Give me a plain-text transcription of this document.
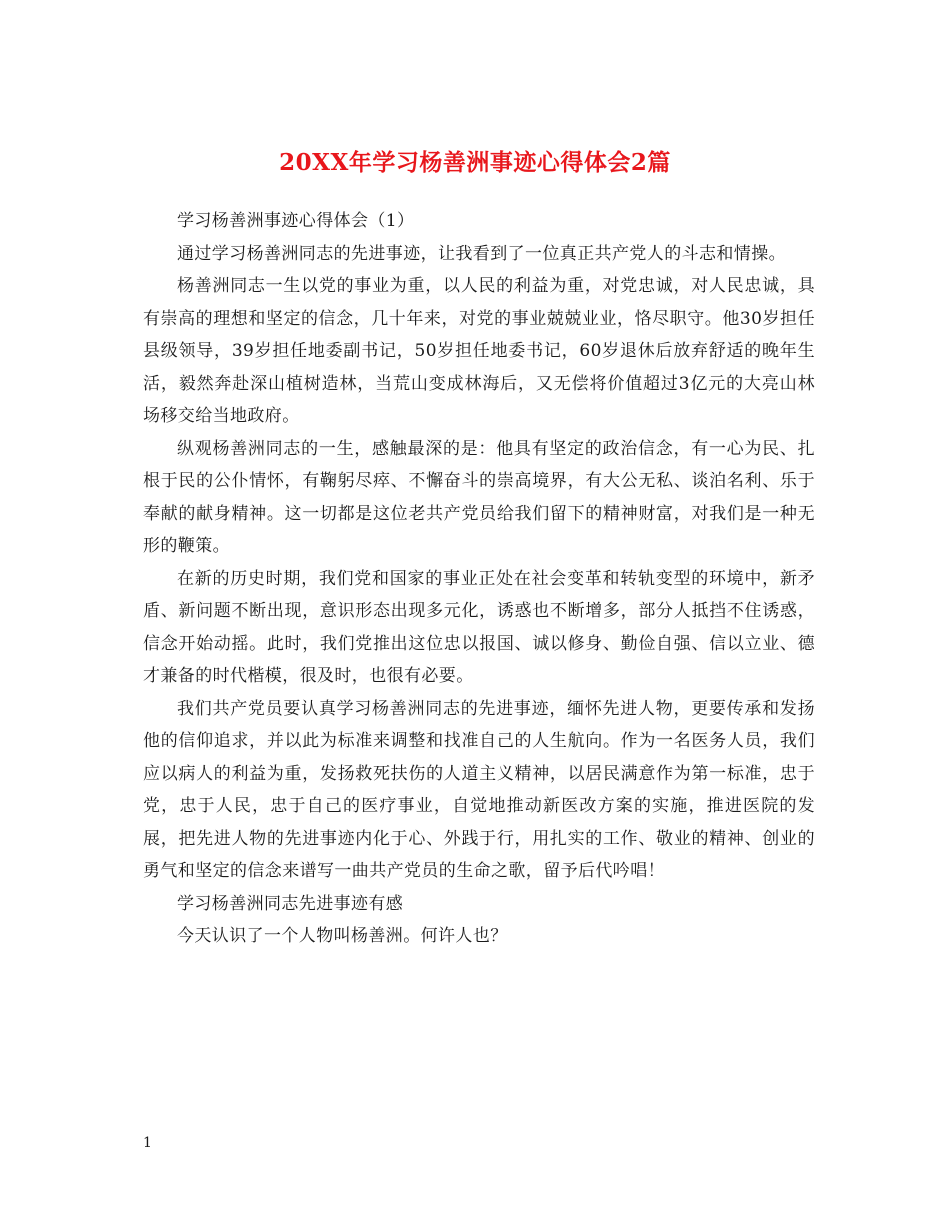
20XX年学习杨善洲事迹心得体会2篇

学习杨善洲事迹心得体会（1）

通过学习杨善洲同志的先进事迹，让我看到了一位真正共产党人的斗志和情操。

杨善洲同志一生以党的事业为重，以人民的利益为重，对党忠诚，对人民忠诚，具有崇高的理想和坚定的信念，几十年来，对党的事业兢兢业业，恪尽职守。他30岁担任县级领导，39岁担任地委副书记，50岁担任地委书记，60岁退休后放弃舒适的晚年生活，毅然奔赴深山植树造林，当荒山变成林海后，又无偿将价值超过3亿元的大亮山林场移交给当地政府。

纵观杨善洲同志的一生，感触最深的是：他具有坚定的政治信念，有一心为民、扎根于民的公仆情怀，有鞠躬尽瘁、不懈奋斗的崇高境界，有大公无私、谈泊名利、乐于奉献的献身精神。这一切都是这位老共产党员给我们留下的精神财富，对我们是一种无形的鞭策。

在新的历史时期，我们党和国家的事业正处在社会变革和转轨变型的环境中，新矛盾、新问题不断出现，意识形态出现多元化，诱惑也不断增多，部分人抵挡不住诱惑，信念开始动摇。此时，我们党推出这位忠以报国、诚以修身、勤俭自强、信以立业、德才兼备的时代楷模，很及时，也很有必要。

我们共产党员要认真学习杨善洲同志的先进事迹，缅怀先进人物，更要传承和发扬他的信仰追求，并以此为标准来调整和找准自己的人生航向。作为一名医务人员，我们应以病人的利益为重，发扬救死扶伤的人道主义精神，以居民满意作为第一标准，忠于党，忠于人民，忠于自己的医疗事业，自觉地推动新医改方案的实施，推进医院的发展，把先进人物的先进事迹内化于心、外践于行，用扎实的工作、敬业的精神、创业的勇气和坚定的信念来谱写一曲共产党员的生命之歌，留予后代吟唱！

学习杨善洲同志先进事迹有感

今天认识了一个人物叫杨善洲。何许人也？

1
